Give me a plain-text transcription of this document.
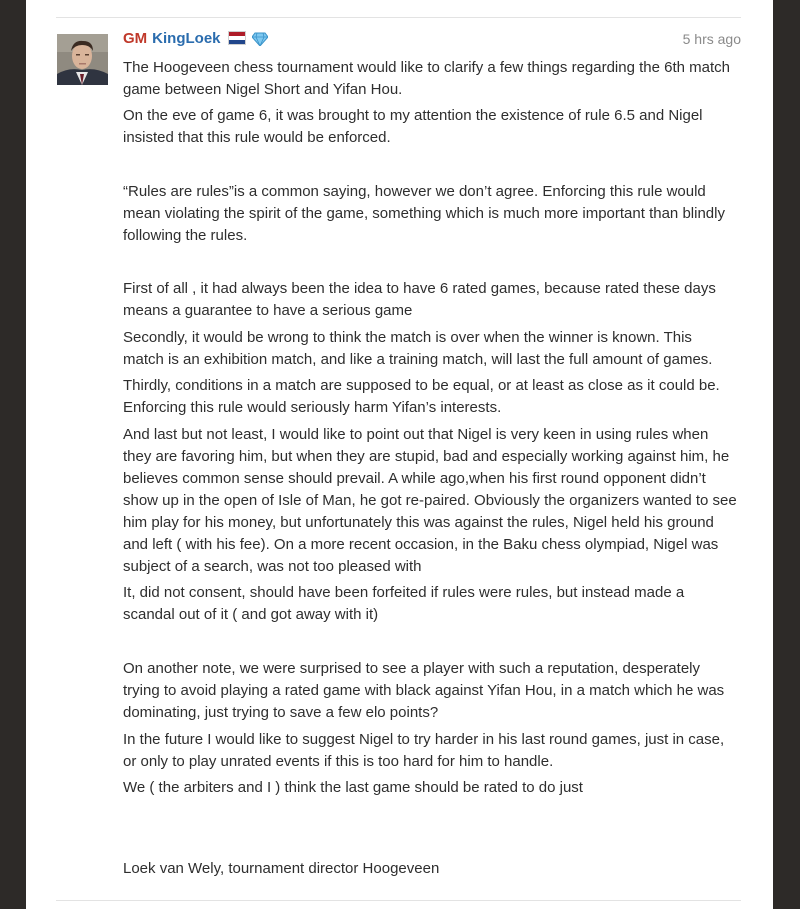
GM KingLoek	5 hrs ago
The Hoogeveen chess tournament would like to clarify a few things regarding the 6th match
game between Nigel Short and Yifan Hou.
On the eve of game 6, it was brought to my attention the existence of rule 6.5 and Nigel
insisted that this rule would be enforced.
“Rules are rules”is a common saying, however we don’t agree. Enforcing this rule would
mean violating the spirit of the game, something which is much more important than blindly
following the rules.
First of all , it had always been the idea to have 6 rated games, because rated these days
means a guarantee to have a serious game
Secondly, it would be wrong to think the match is over when the winner is known. This
match is an exhibition match, and like a training match, will last the full amount of games.
Thirdly, conditions in a match are supposed to be equal, or at least as close as it could be.
Enforcing this rule would seriously harm Yifan’s interests.
And last but not least, I would like to point out that Nigel is very keen in using rules when
they are favoring him, but when they are stupid, bad and especially working against him, he
believes common sense should prevail. A while ago,when his first round opponent didn’t
show up in the open of Isle of Man, he got re-paired. Obviously the organizers wanted to see
him play for his money, but unfortunately this was against the rules, Nigel held his ground
and left ( with his fee). On a more recent occasion, in the Baku chess olympiad, Nigel was
subject of a search, was not too pleased with
It, did not consent, should have been forfeited if rules were rules, but instead made a
scandal out of it ( and got away with it)
On another note, we were surprised to see a player with such a reputation, desperately
trying to avoid playing a rated game with black against Yifan Hou, in a match which he was
dominating, just trying to save a few elo points?
In the future I would like to suggest Nigel to try harder in his last round games, just in case,
or only to play unrated events if this is too hard for him to handle.
We ( the arbiters and I ) think the last game should be rated to do just
Loek van Wely, tournament director Hoogeveen
